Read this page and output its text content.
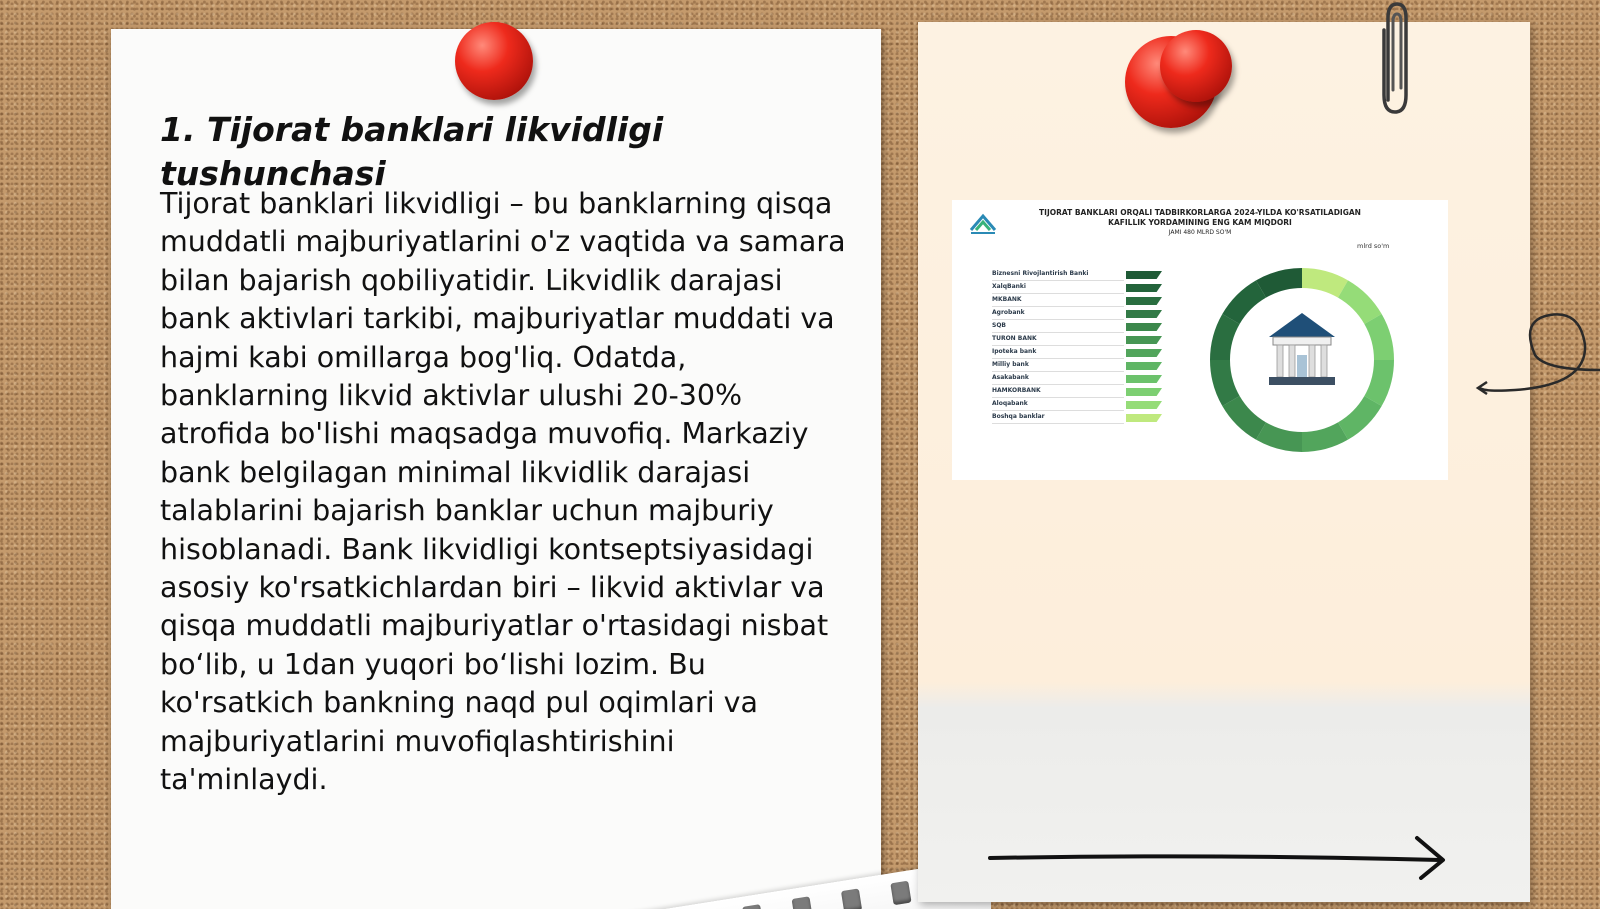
1. Tijorat banklari likvidligi tushunchasi

Tijorat banklari likvidligi – bu banklarning qisqa muddatli majburiyatlarini o'z vaqtida va samara bilan bajarish qobiliyatidir. Likvidlik darajasi bank aktivlari tarkibi, majburiyatlar muddati va hajmi kabi omillarga bog'liq. Odatda, banklarning likvid aktivlar ulushi 20-30% atrofida bo'lishi maqsadga muvofiq. Markaziy bank belgilagan minimal likvidlik darajasi talablarini bajarish banklar uchun majburiy hisoblanadi. Bank likvidligi kontseptsiyasidagi asosiy ko'rsatkichlardan biri – likvid aktivlar va qisqa muddatli majburiyatlar o'rtasidagi nisbat bo‘lib, u 1dan yuqori bo‘lishi lozim. Bu ko'rsatkich bankning naqd pul oqimlari va majburiyatlarini muvofiqlashtirishini ta'minlaydi.

TIJORAT BANKLARI ORQALI TADBIRKORLARGA 2024-YILDA KO'RSATILADIGAN
KAFILLIK YORDAMINING ENG KAM MIQDORI
JAMI 480 MLRD SO'M
mlrd so'm
Biznesni Rivojlantirish Banki
XalqBanki
MKBANK
Agrobank
SQB
TURON BANK
Ipoteka bank
Milliy bank
Asakabank
HAMKORBANK
Aloqabank
Boshqa banklar
